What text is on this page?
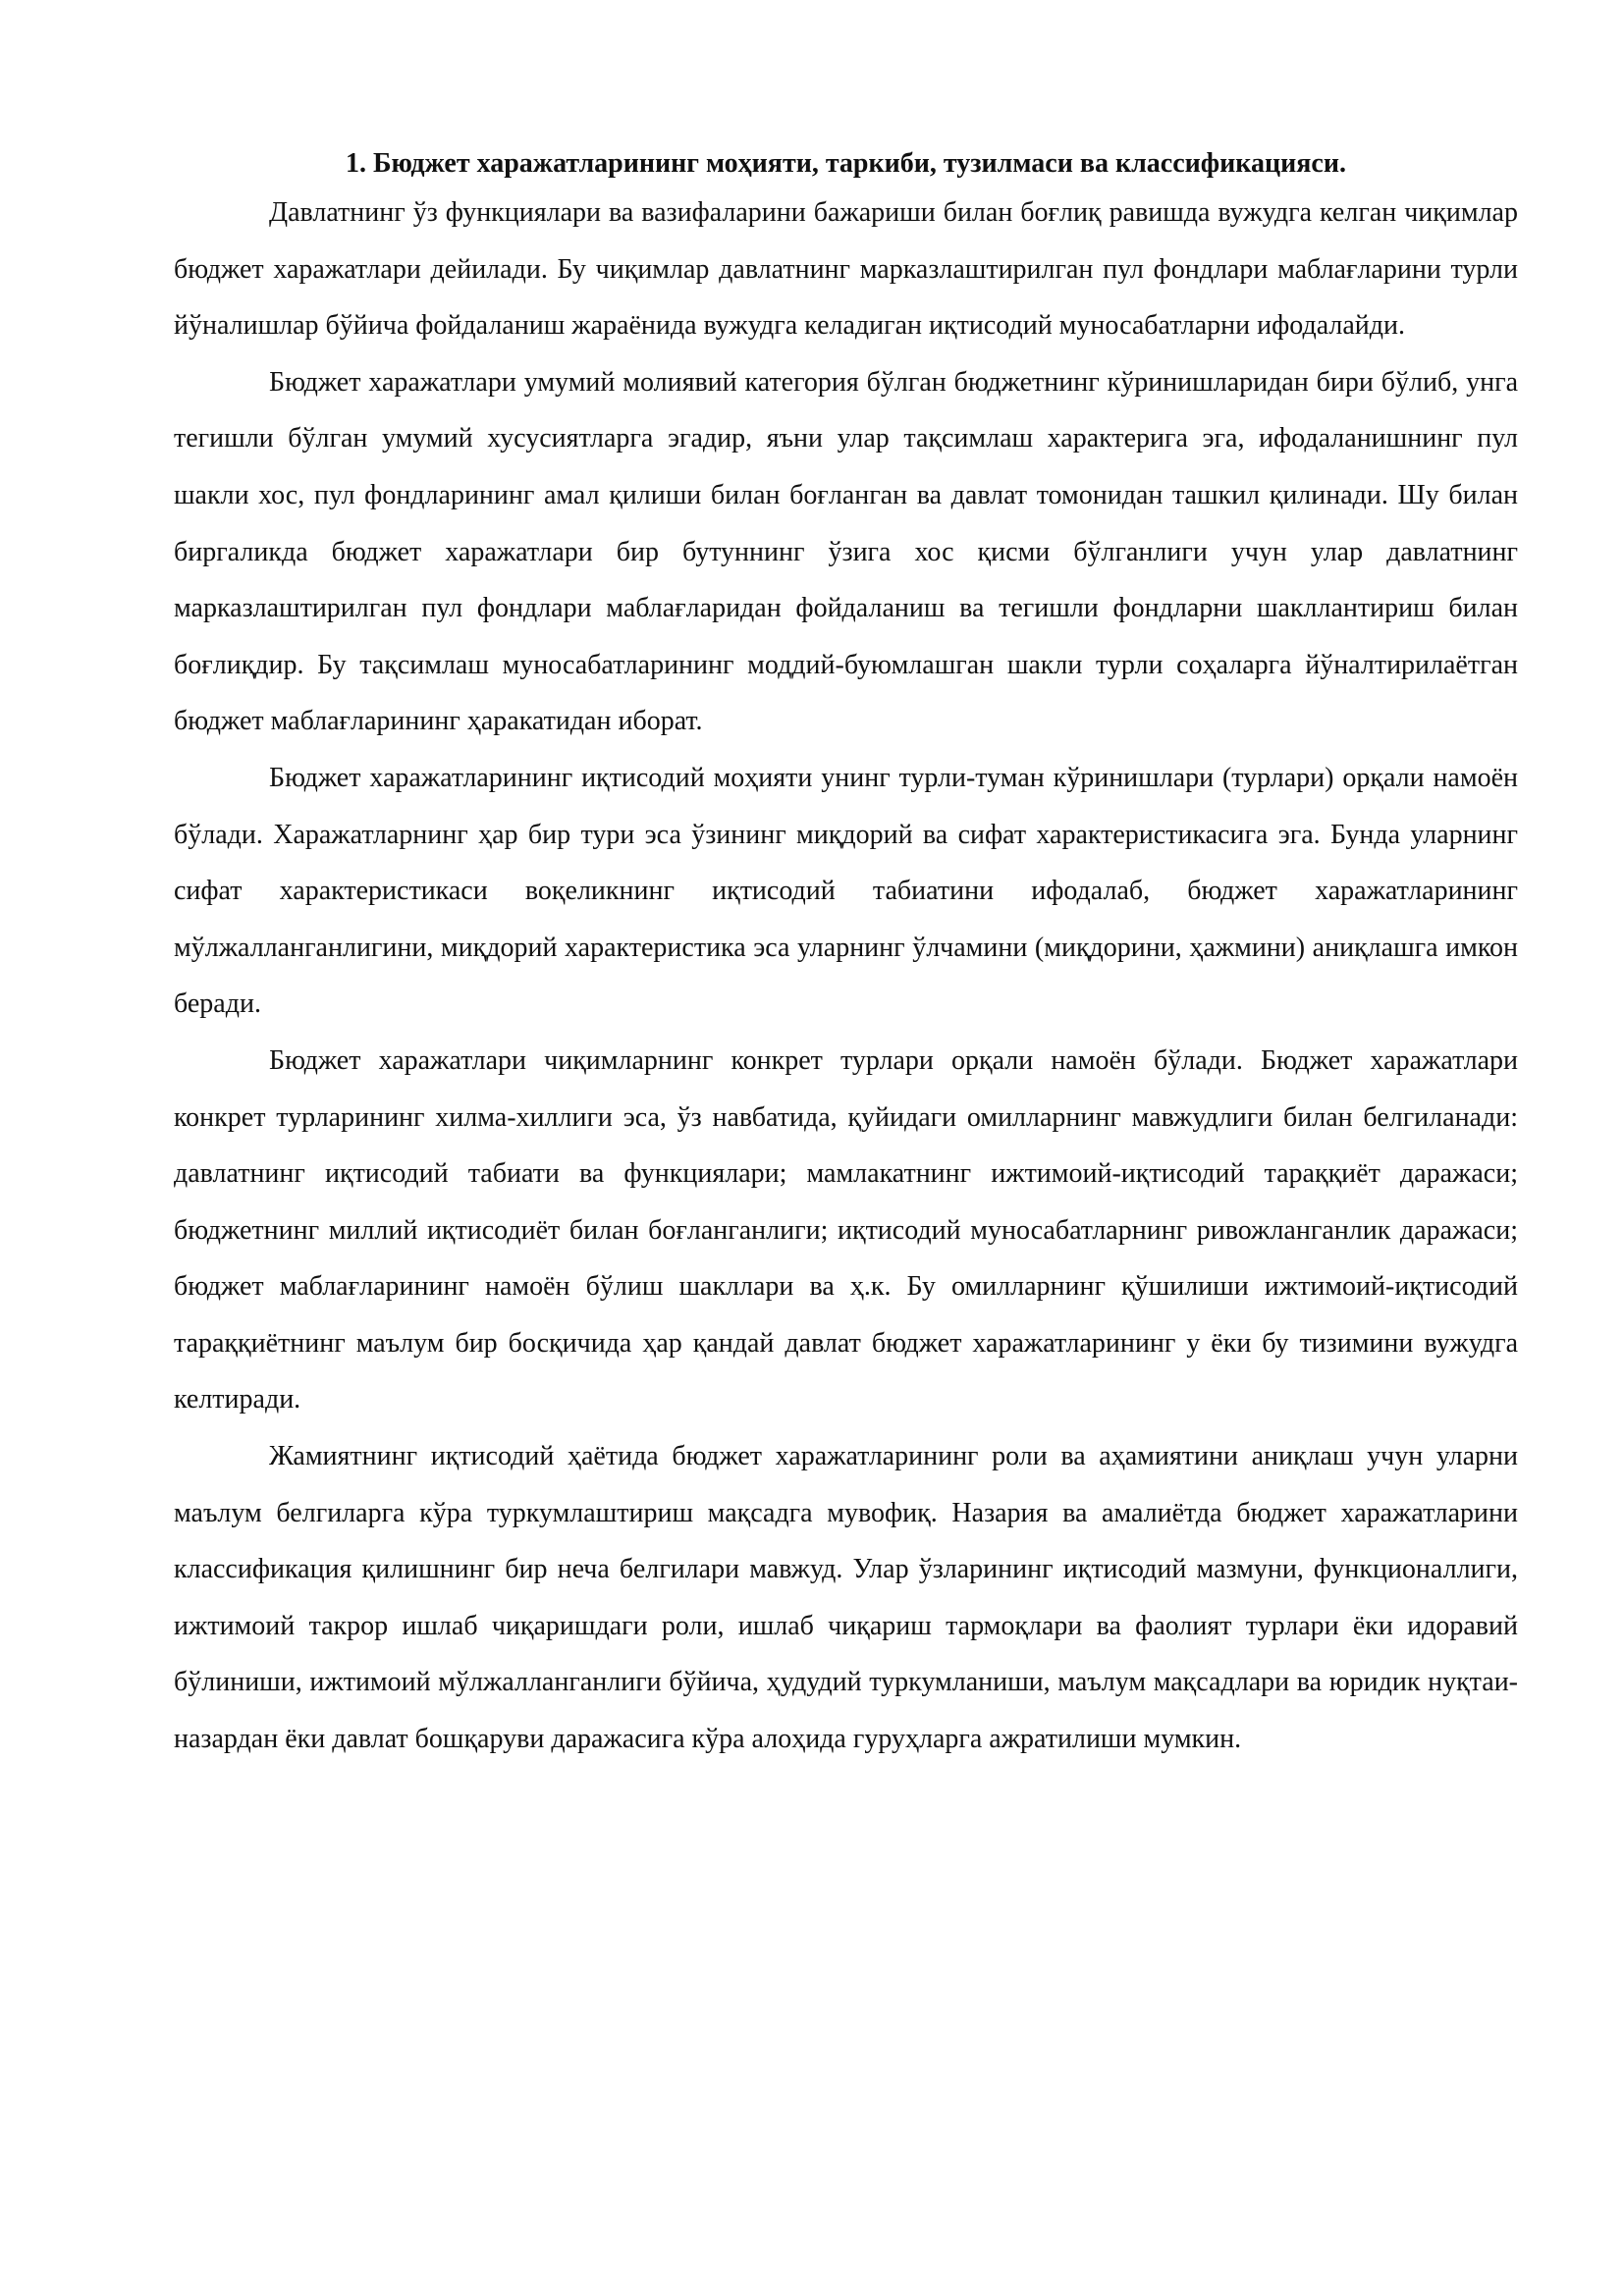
1. Бюджет харажатларининг моҳияти, таркиби, тузилмаси ва классификацияси.

Давлатнинг ўз функциялари ва вазифаларини бажариши билан боғлиқ равишда вужудга келган чиқимлар бюджет харажатлари дейилади. Бу чиқимлар давлатнинг марказлаштирилган пул фондлари маблағларини турли йўналишлар бўйича фойдаланиш жараёнида вужудга келадиган иқтисодий муносабатларни ифодалайди.

Бюджет харажатлари умумий молиявий категория бўлган бюджетнинг кўринишларидан бири бўлиб, унга тегишли бўлган умумий хусусиятларга эгадир, яъни улар тақсимлаш характерига эга, ифодаланишнинг пул шакли хос, пул фондларининг амал қилиши билан боғланган ва давлат томонидан ташкил қилинади. Шу билан биргаликда бюджет харажатлари бир бутуннинг ўзига хос қисми бўлганлиги учун улар давлатнинг марказлаштирилган пул фондлари маблағларидан фойдаланиш ва тегишли фондларни шакллантириш билан боғлиқдир. Бу тақсимлаш муносабатларининг моддий-буюмлашган шакли турли соҳаларга йўналтирилаётган бюджет маблағларининг ҳаракатидан иборат.

Бюджет харажатларининг иқтисодий моҳияти унинг турли-туман кўринишлари (турлари) орқали намоён бўлади. Харажатларнинг ҳар бир тури эса ўзининг миқдорий ва сифат характеристикасига эга. Бунда уларнинг сифат характеристикаси воқеликнинг иқтисодий табиатини ифодалаб, бюджет харажатларининг мўлжалланганлигини, миқдорий характеристика эса уларнинг ўлчамини (миқдорини, ҳажмини) аниқлашга имкон беради.

Бюджет харажатлари чиқимларнинг конкрет турлари орқали намоён бўлади. Бюджет харажатлари конкрет турларининг хилма-хиллиги эса, ўз навбатида, қуйидаги омилларнинг мавжудлиги билан белгиланади: давлатнинг иқтисодий табиати ва функциялари; мамлакатнинг ижтимоий-иқтисодий тараққиёт даражаси; бюджетнинг миллий иқтисодиёт билан боғланганлиги; иқтисодий муносабатларнинг ривожланганлик даражаси; бюджет маблағларининг намоён бўлиш шакллари ва ҳ.к. Бу омилларнинг қўшилиши ижтимоий-иқтисодий тараққиётнинг маълум бир босқичида ҳар қандай давлат бюджет харажатларининг у ёки бу тизимини вужудга келтиради.

Жамиятнинг иқтисодий ҳаётида бюджет харажатларининг роли ва аҳамиятини аниқлаш учун уларни маълум белгиларга кўра туркумлаштириш мақсадга мувофиқ. Назария ва амалиётда бюджет харажатларини классификация қилишнинг бир неча белгилари мавжуд. Улар ўзларининг иқтисодий мазмуни, функционаллиги, ижтимоий такрор ишлаб чиқаришдаги роли, ишлаб чиқариш тармоқлари ва фаолият турлари ёки идоравий бўлиниши, ижтимоий мўлжалланганлиги бўйича, ҳудудий туркумланиши, маълум мақсадлари ва юридик нуқтаи-назардан ёки давлат бошқаруви даражасига кўра алоҳида гуруҳларга ажратилиши мумкин.
